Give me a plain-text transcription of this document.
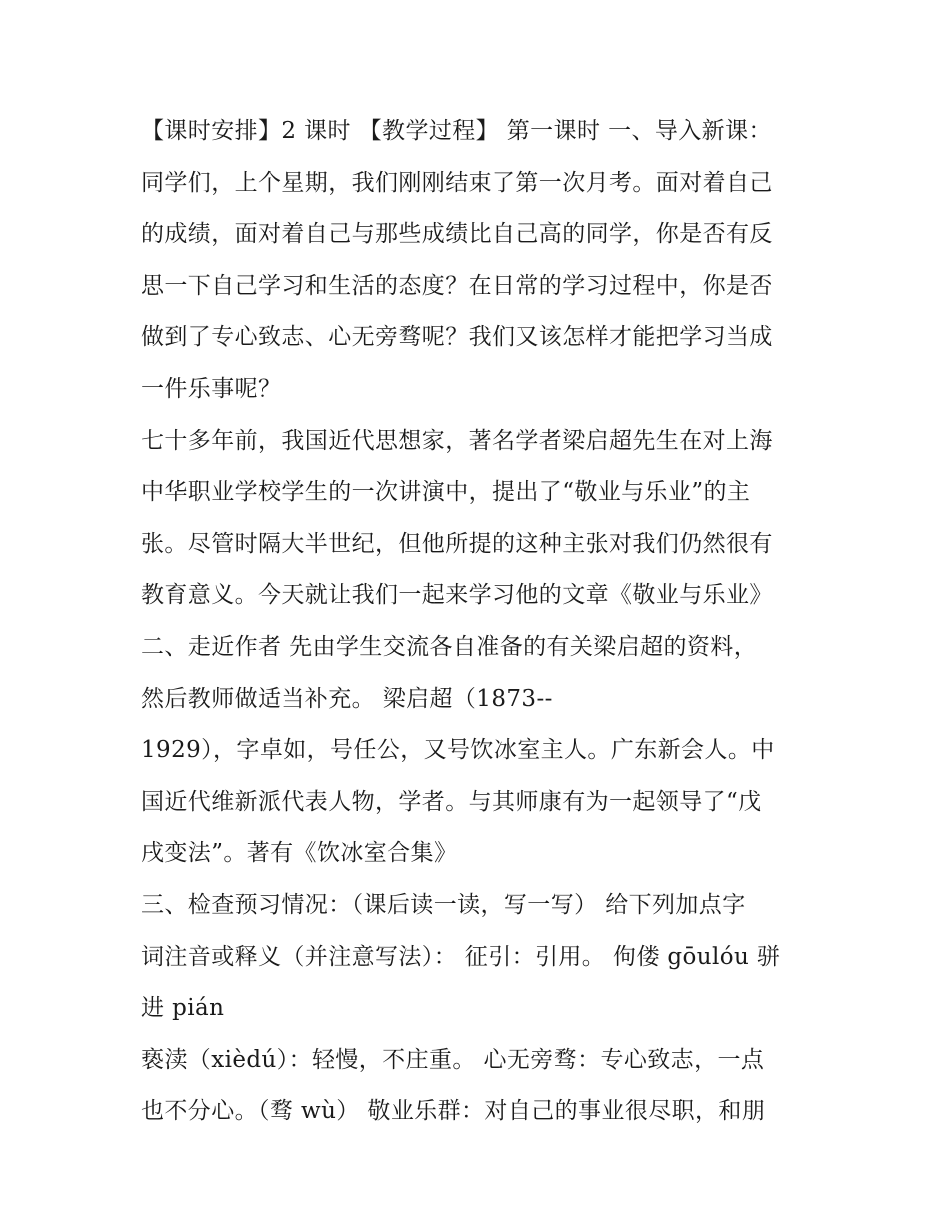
【课时安排】2 课时 【教学过程】 第一课时 一、导入新课：
同学们，上个星期，我们刚刚结束了第一次月考。面对着自己
的成绩，面对着自己与那些成绩比自己高的同学，你是否有反
思一下自己学习和生活的态度？在日常的学习过程中，你是否
做到了专心致志、心无旁骛呢？我们又该怎样才能把学习当成
一件乐事呢？
七十多年前，我国近代思想家，著名学者梁启超先生在对上海
中华职业学校学生的一次讲演中，提出了“敬业与乐业”的主
张。尽管时隔大半世纪，但他所提的这种主张对我们仍然很有
教育意义。今天就让我们一起来学习他的文章《敬业与乐业》
二、走近作者 先由学生交流各自准备的有关梁启超的资料，
然后教师做适当补充。 梁启超（1873--
1929），字卓如，号任公，又号饮冰室主人。广东新会人。中
国近代维新派代表人物，学者。与其师康有为一起领导了“戊
戌变法”。著有《饮冰室合集》
三、检查预习情况：（课后读一读，写一写） 给下列加点字
词注音或释义（并注意写法）： 征引：引用。 佝偻 gōulóu 骈
进 pián
亵渎（xièdú）：轻慢，不庄重。 心无旁骛：专心致志，一点
也不分心。（骛 wù） 敬业乐群：对自己的事业很尽职，和朋
